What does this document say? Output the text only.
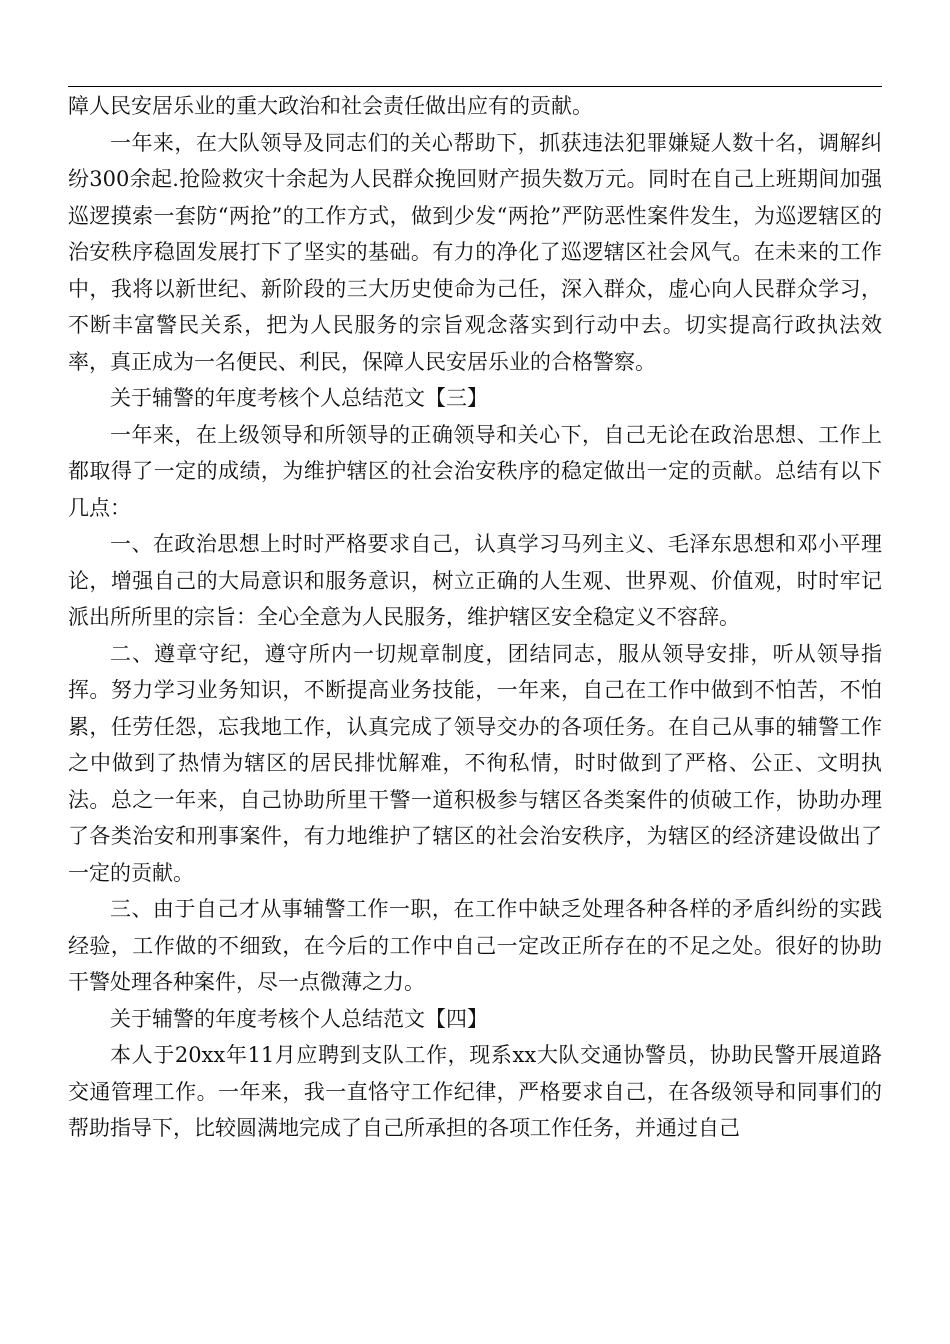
障人民安居乐业的重大政治和社会责任做出应有的贡献。

一年来，在大队领导及同志们的关心帮助下，抓获违法犯罪嫌疑人数十名，调解纠纷300余起.抢险救灾十余起为人民群众挽回财产损失数万元。同时在自己上班期间加强巡逻摸索一套防“两抢”的工作方式，做到少发“两抢”严防恶性案件发生，为巡逻辖区的治安秩序稳固发展打下了坚实的基础。有力的净化了巡逻辖区社会风气。在未来的工作中，我将以新世纪、新阶段的三大历史使命为己任，深入群众，虚心向人民群众学习，不断丰富警民关系，把为人民服务的宗旨观念落实到行动中去。切实提高行政执法效率，真正成为一名便民、利民，保障人民安居乐业的合格警察。

关于辅警的年度考核个人总结范文【三】

一年来，在上级领导和所领导的正确领导和关心下，自己无论在政治思想、工作上都取得了一定的成绩，为维护辖区的社会治安秩序的稳定做出一定的贡献。总结有以下几点：

一、在政治思想上时时严格要求自己，认真学习马列主义、毛泽东思想和邓小平理论，增强自己的大局意识和服务意识，树立正确的人生观、世界观、价值观，时时牢记派出所所里的宗旨：全心全意为人民服务，维护辖区安全稳定义不容辞。

二、遵章守纪，遵守所内一切规章制度，团结同志，服从领导安排，听从领导指挥。努力学习业务知识，不断提高业务技能，一年来，自己在工作中做到不怕苦，不怕累，任劳任怨，忘我地工作，认真完成了领导交办的各项任务。在自己从事的辅警工作之中做到了热情为辖区的居民排忧解难，不徇私情，时时做到了严格、公正、文明执法。总之一年来，自己协助所里干警一道积极参与辖区各类案件的侦破工作，协助办理了各类治安和刑事案件，有力地维护了辖区的社会治安秩序，为辖区的经济建设做出了一定的贡献。

三、由于自己才从事辅警工作一职，在工作中缺乏处理各种各样的矛盾纠纷的实践经验，工作做的不细致，在今后的工作中自己一定改正所存在的不足之处。很好的协助干警处理各种案件，尽一点微薄之力。

关于辅警的年度考核个人总结范文【四】

本人于20xx年11月应聘到支队工作，现系xx大队交通协警员，协助民警开展道路交通管理工作。一年来，我一直恪守工作纪律，严格要求自己，在各级领导和同事们的帮助指导下，比较圆满地完成了自己所承担的各项工作任务，并通过自己
